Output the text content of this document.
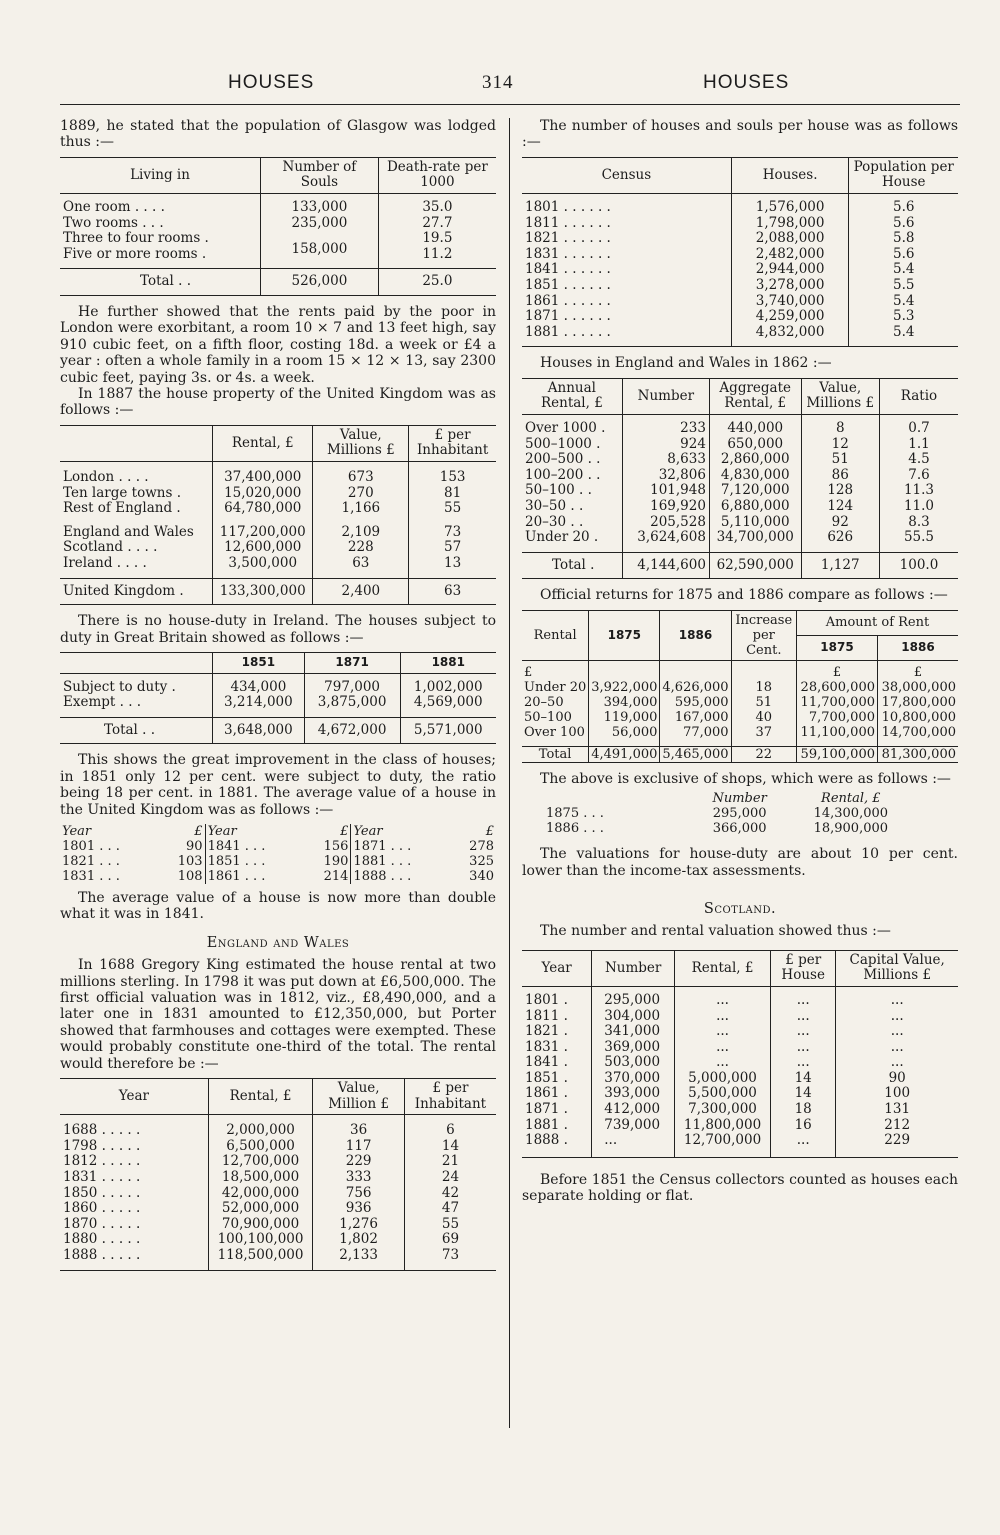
HOUSES	314	HOUSES

1889, he stated that the population of Glasgow was lodged thus :—

Living in	Number of Souls	Death-rate per 1000
One room . . . .	133,000	35.0
Two rooms . . .	235,000	27.7
Three to four rooms .	158,000	19.5
Five or more rooms .		11.2
Total . .	526,000	25.0

He further showed that the rents paid by the poor in London were exorbitant, a room 10 × 7 and 13 feet high, say 910 cubic feet, on a fifth floor, costing 18d. a week or £4 a year : often a whole family in a room 15 × 12 × 13, say 2300 cubic feet, paying 3s. or 4s. a week.

In 1887 the house property of the United Kingdom was as follows :—

	Rental, £	Value, Millions £	£ per Inhabitant
London . . . .	37,400,000	673	153
Ten large towns .	15,020,000	270	81
Rest of England .	64,780,000	1,166	55
England and Wales	117,200,000	2,109	73
Scotland . . . .	12,600,000	228	57
Ireland . . . .	3,500,000	63	13
United Kingdom .	133,300,000	2,400	63

There is no house-duty in Ireland. The houses subject to duty in Great Britain showed as follows :—

	1851	1871	1881
Subject to duty .	434,000	797,000	1,002,000
Exempt . . .	3,214,000	3,875,000	4,569,000
Total . .	3,648,000	4,672,000	5,571,000

This shows the great improvement in the class of houses; in 1851 only 12 per cent. were subject to duty, the ratio being 18 per cent. in 1881. The average value of a house in the United Kingdom was as follows :—

Year	£	Year	£	Year	£
1801 . . .	90	1841 . . .	156	1871 . . .	278
1821 . . .	103	1851 . . .	190	1881 . . .	325
1831 . . .	108	1861 . . .	214	1888 . . .	340

The average value of a house is now more than double what it was in 1841.

England and Wales

In 1688 Gregory King estimated the house rental at two millions sterling. In 1798 it was put down at £6,500,000. The first official valuation was in 1812, viz., £8,490,000, and a later one in 1831 amounted to £12,350,000, but Porter showed that farmhouses and cottages were exempted. These would probably constitute one-third of the total. The rental would therefore be :—

Year	Rental, £	Value, Million £	£ per Inhabitant
1688 . . . . .	2,000,000	36	6
1798 . . . . .	6,500,000	117	14
1812 . . . . .	12,700,000	229	21
1831 . . . . .	18,500,000	333	24
1850 . . . . .	42,000,000	756	42
1860 . . . . .	52,000,000	936	47
1870 . . . . .	70,900,000	1,276	55
1880 . . . . .	100,100,000	1,802	69
1888 . . . . .	118,500,000	2,133	73

The number of houses and souls per house was as follows :—

Census	Houses.	Population per House
1801 . . . . . .	1,576,000	5.6
1811 . . . . . .	1,798,000	5.6
1821 . . . . . .	2,088,000	5.8
1831 . . . . . .	2,482,000	5.6
1841 . . . . . .	2,944,000	5.4
1851 . . . . . .	3,278,000	5.5
1861 . . . . . .	3,740,000	5.4
1871 . . . . . .	4,259,000	5.3
1881 . . . . . .	4,832,000	5.4

Houses in England and Wales in 1862 :—

Annual Rental, £	Number	Aggregate Rental, £	Value, Millions £	Ratio
Over 1000 .	233	440,000	8	0.7
500–1000 .	924	650,000	12	1.1
200–500 . .	8,633	2,860,000	51	4.5
100–200 . .	32,806	4,830,000	86	7.6
50–100 . .	101,948	7,120,000	128	11.3
30–50 . .	169,920	6,880,000	124	11.0
20–30 . .	205,528	5,110,000	92	8.3
Under 20 .	3,624,608	34,700,000	626	55.5
Total .	4,144,600	62,590,000	1,127	100.0

Official returns for 1875 and 1886 compare as follows :—

Rental	1875	1886	Increase per Cent.	Amount of Rent	
				1875	1886
£				£	£
Under 20	3,922,000	4,626,000	18	28,600,000	38,000,000
20–50	394,000	595,000	51	11,700,000	17,800,000
50–100	119,000	167,000	40	7,700,000	10,800,000
Over 100	56,000	77,000	37	11,100,000	14,700,000
Total	4,491,000	5,465,000	22	59,100,000	81,300,000

The above is exclusive of shops, which were as follows :—

	Number	Rental, £
1875 . . .	295,000	14,300,000
1886 . . .	366,000	18,900,000

The valuations for house-duty are about 10 per cent. lower than the income-tax assessments.

Scotland.

The number and rental valuation showed thus :—

Year	Number	Rental, £	£ per House	Capital Value, Millions £
1801 .	295,000	...	...	...
1811 .	304,000	...	...	...
1821 .	341,000	...	...	...
1831 .	369,000	...	...	...
1841 .	503,000	...	...	...
1851 .	370,000	5,000,000	14	90
1861 .	393,000	5,500,000	14	100
1871 .	412,000	7,300,000	18	131
1881 .	739,000	11,800,000	16	212
1888 .	...	12,700,000	...	229

Before 1851 the Census collectors counted as houses each separate holding or flat.
